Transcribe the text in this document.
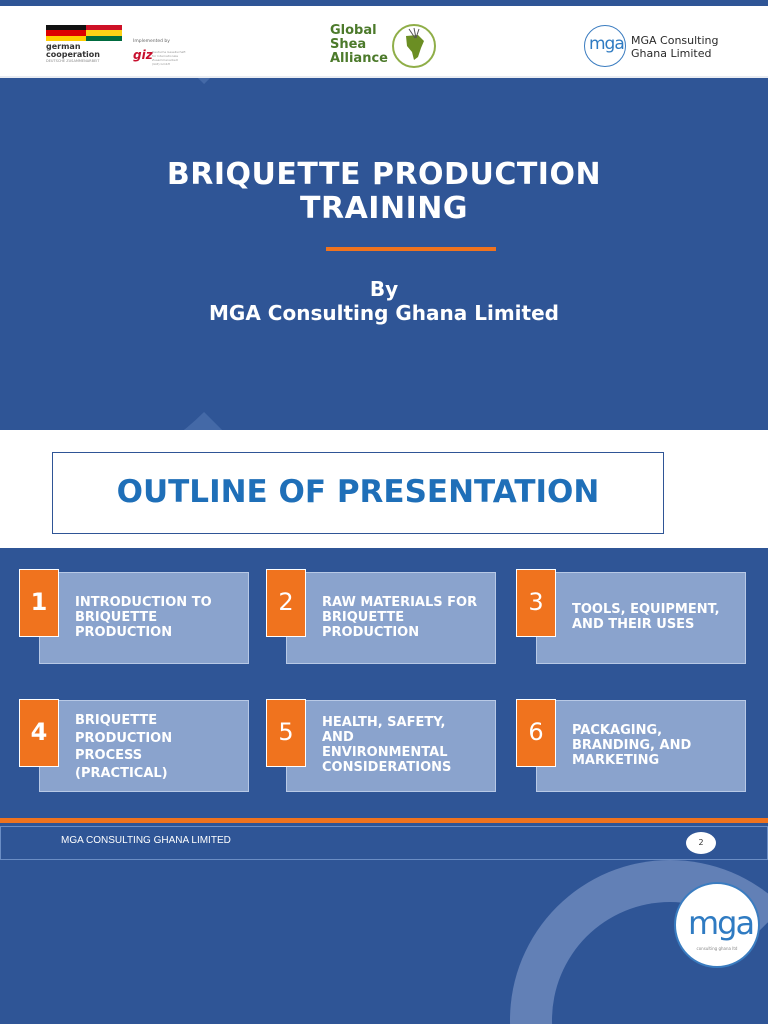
german cooperation
DEUTSCHE ZUSAMMENARBEIT
Implemented by
giz Deutsche Gesellschaft für Internationale Zusammenarbeit (GIZ) GmbH
Global
Shea
Alliance
mga MGA Consulting
Ghana Limited
BRIQUETTE PRODUCTION
TRAINING
By
MGA Consulting Ghana Limited
OUTLINE OF PRESENTATION
1	INTRODUCTION TO BRIQUETTE PRODUCTION
2	RAW MATERIALS FOR BRIQUETTE PRODUCTION
3	TOOLS, EQUIPMENT, AND THEIR USES
4	BRIQUETTE PRODUCTION PROCESS (PRACTICAL)
5	HEALTH, SAFETY, AND ENVIRONMENTAL CONSIDERATIONS
6	PACKAGING, BRANDING, AND MARKETING
MGA CONSULTING GHANA LIMITED	2
mga
consulting ghana ltd
